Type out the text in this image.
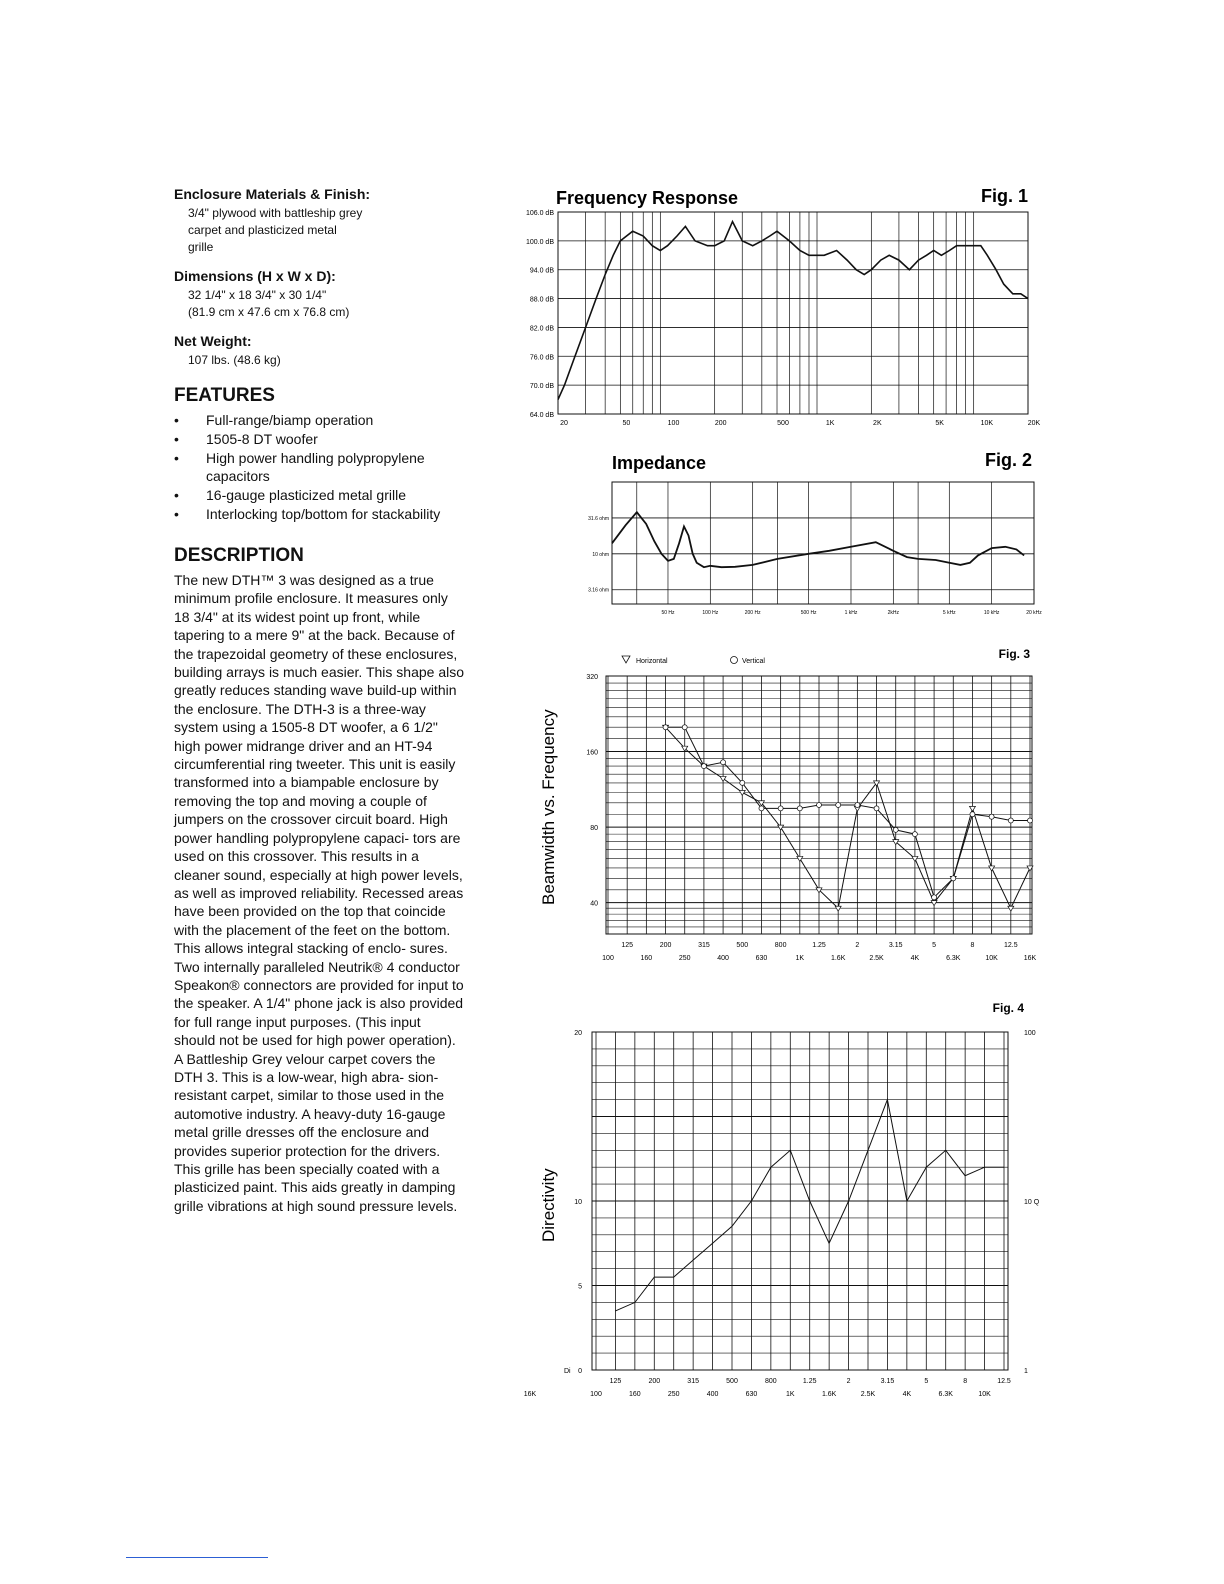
Enclosure Materials & Finish:
3/4" plywood with battleship grey
carpet and plasticized metal
grille
Dimensions (H x W x D):
32 1/4" x 18 3/4" x 30 1/4"
(81.9 cm x 47.6 cm x 76.8 cm)
Net Weight:
107 lbs. (48.6 kg)
FEATURES
• Full-range/biamp operation
• 1505-8 DT woofer
• High power handling polypropylene capacitors
• 16-gauge plasticized metal grille
• Interlocking top/bottom for stackability
DESCRIPTION
The new DTH™ 3 was designed as a true minimum profile enclosure. It measures only 18 3/4" at its widest point up front, while tapering to a mere 9" at the back. Because of the trapezoidal geometry of these enclosures, building arrays is much easier. This shape also greatly reduces standing wave build-up within the enclosure. The DTH-3 is a three-way system using a 1505-8 DT woofer, a 6 1/2" high power midrange driver and an HT-94 circumferential ring tweeter. This unit is easily transformed into a biampable enclosure by removing the top and moving a couple of jumpers on the crossover circuit board. High power handling polypropylene capaci- tors are used on this crossover. This results in a cleaner sound, especially at high power levels, as well as improved reliability. Recessed areas have been provided on the top that coincide with the placement of the feet on the bottom. This allows integral stacking of enclo- sures. Two internally paralleled Neutrik® 4 conductor Speakon® connectors are provided for input to the speaker. A 1/4" phone jack is also provided for full range input purposes. (This input should not be used for high power operation). A Battleship Grey velour carpet covers the DTH 3. This is a low-wear, high abra- sion- resistant carpet, similar to those used in the automotive industry. A heavy-duty 16-gauge metal grille dresses off the enclosure and provides superior protection for the drivers. This grille has been specially coated with a plasticized paint. This aids greatly in damping grille vibrations at high sound pressure levels.
Frequency Response	Fig. 1
106.0 dB
100.0 dB
94.0 dB
88.0 dB
82.0 dB
76.0 dB
70.0 dB
64.0 dB
20	50	100	200	500	1K	2K	5K	10K	20K
Impedance	Fig. 2
31.6 ohm
10 ohm
3.16 ohm
50 Hz	100 Hz	200 Hz	500 Hz	1 kHz	2kHz	5 kHz	10 kHz	20 kHz
Fig. 3
Beamwidth vs. Frequency
Horizontal	Vertical
100	160	250	400	630	1K	1.6K	2.5K	4K	6.3K	10K	16K
125	200	315	500	800	1.25	2	3.15	5	8	12.5
320
160
80
40
Fig. 4
Directivity
Di
100	160	250	400	630	1K	1.6K	2.5K	4K	6.3K	10K
16K
125	200	315	500	800	1.25	2	3.15	5	8	12.5
20
10
5
0
100
10 Q
1
